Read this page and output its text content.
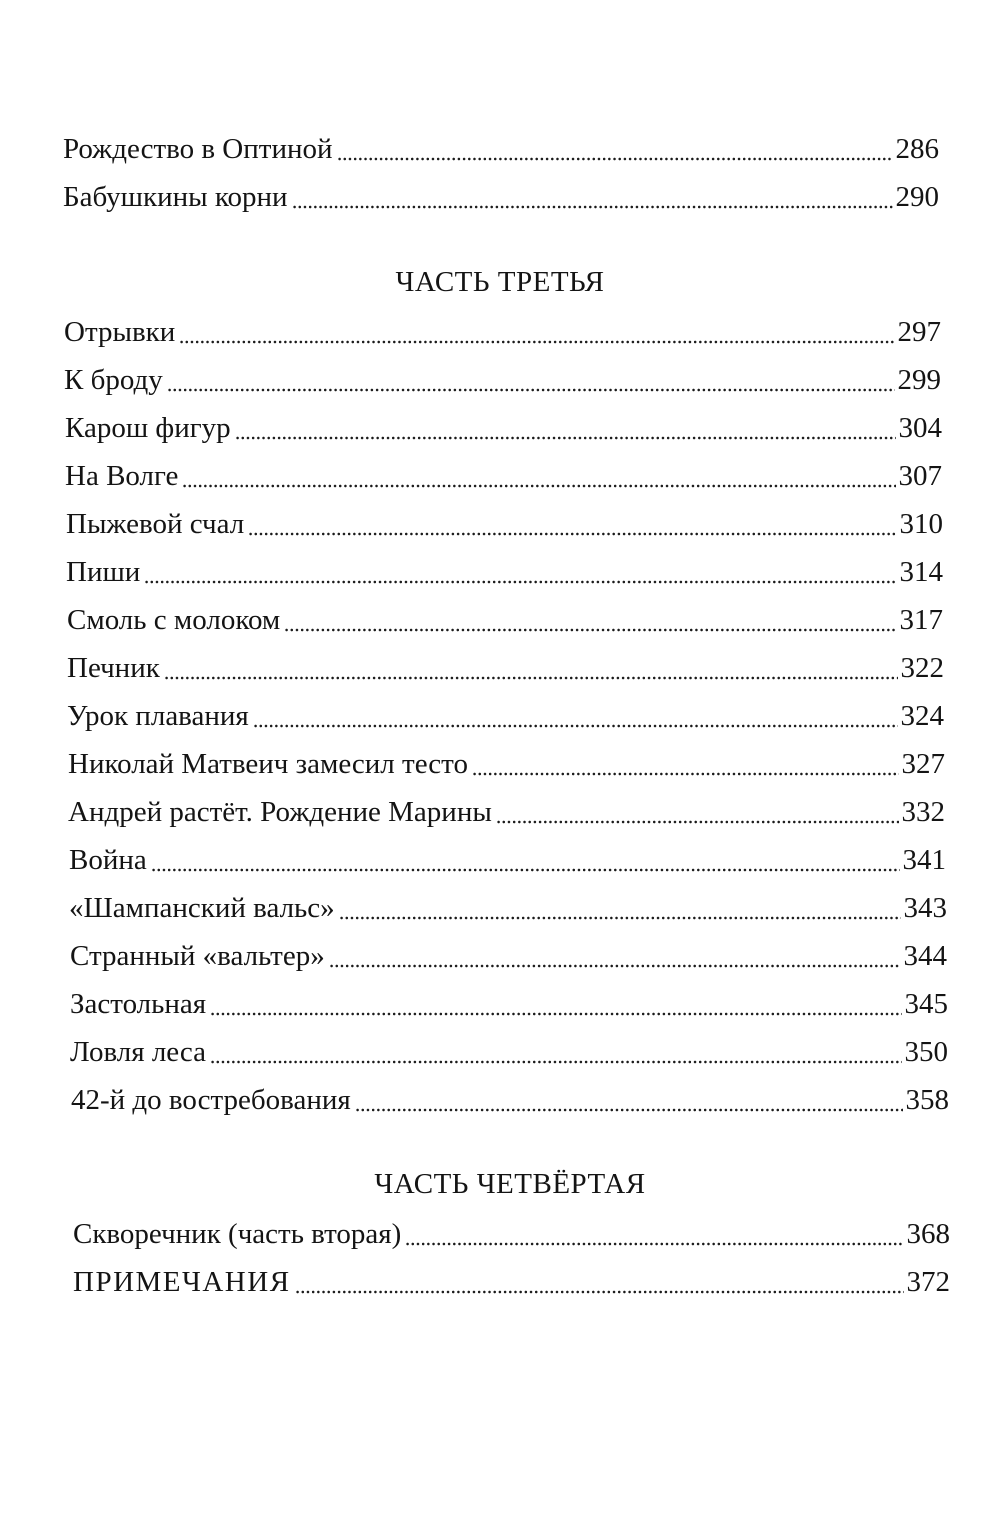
Рождество в Оптиной	286
Бабушкины корни	290
ЧАСТЬ ТРЕТЬЯ
Отрывки	297
К броду	299
Карош фигур	304
На Волге	307
Пыжевой счал	310
Пиши	314
Смоль с молоком	317
Печник	322
Урок плавания	324
Николай Матвеич замесил тесто	327
Андрей растёт. Рождение Марины	332
Война	341
«Шампанский вальс»	343
Странный «вальтер»	344
Застольная	345
Ловля леса	350
42-й до востребования	358
ЧАСТЬ ЧЕТВЁРТАЯ
Скворечник (часть вторая)	368
ПРИМЕЧАНИЯ	372
